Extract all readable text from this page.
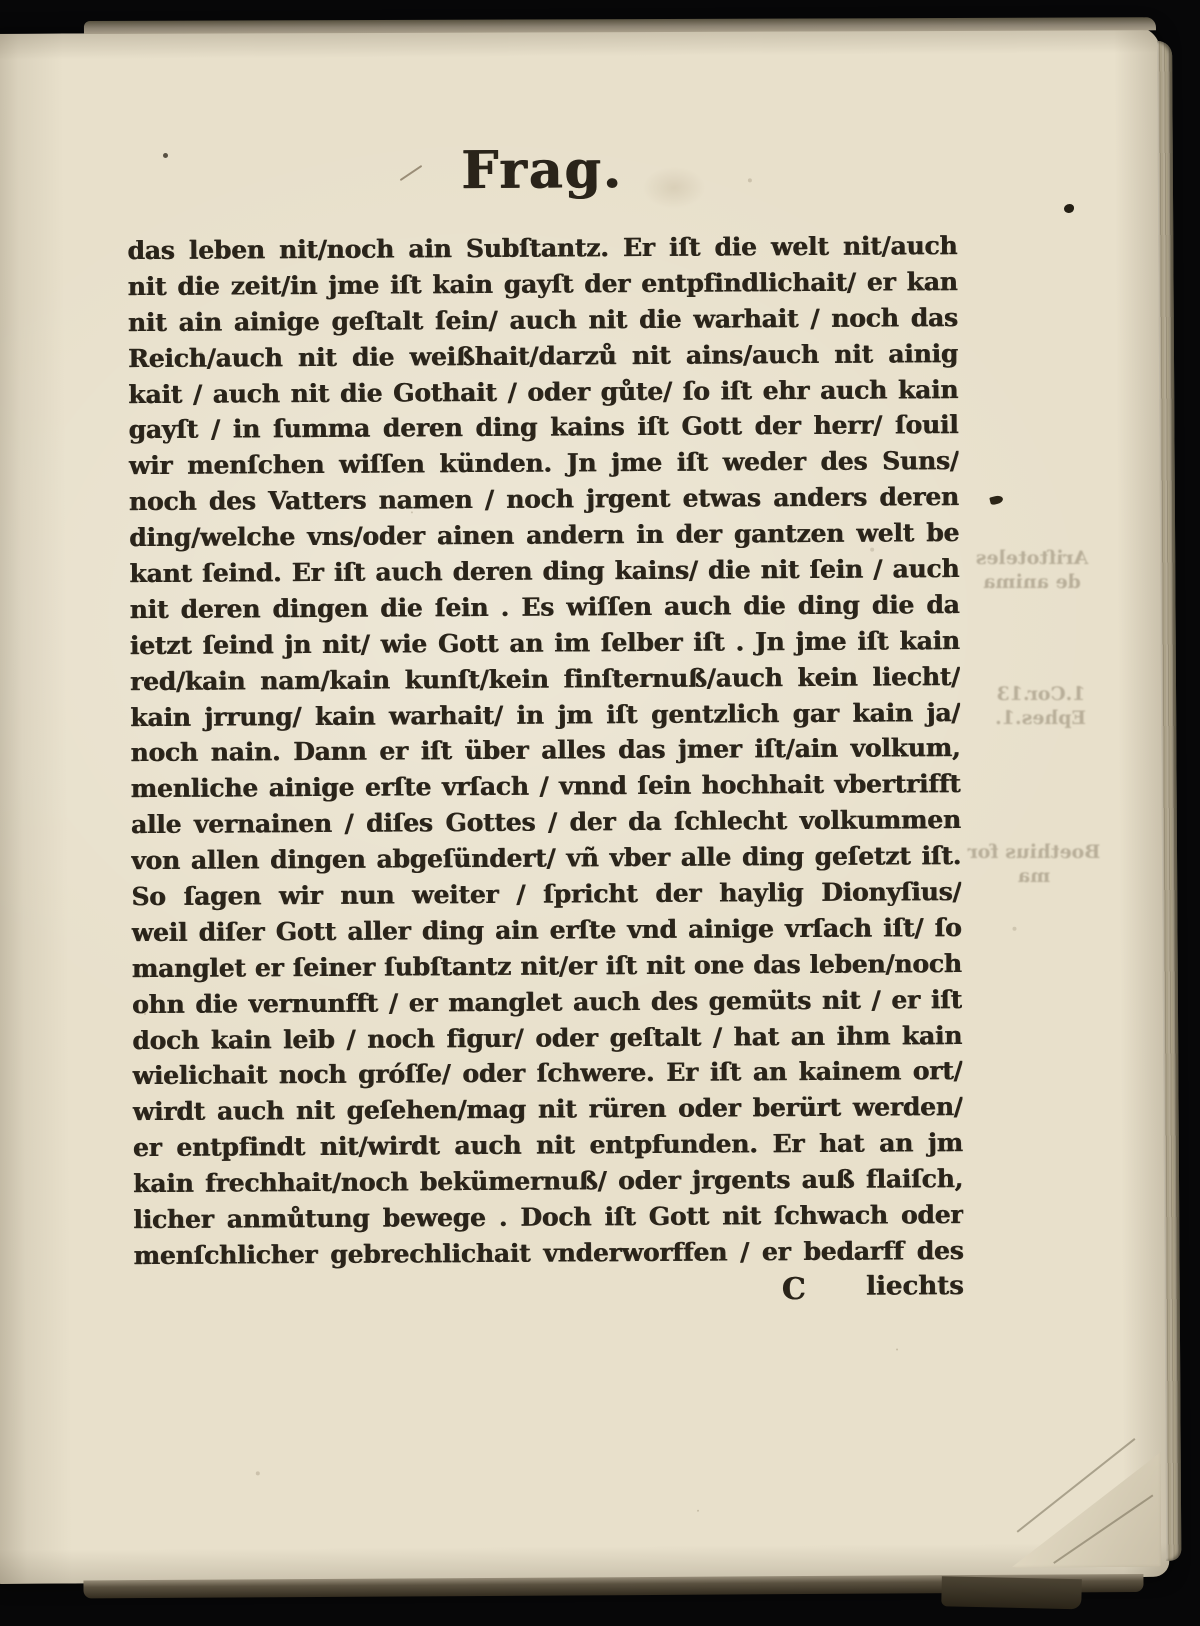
Frag.
das leben nit/noch ain Subſtantz. Er iſt die welt nit/auch
nit die zeit/in jme iſt kain gayſt der entpfindlichait/ er kan
nit ain ainige geſtalt ſein/ auch nit die warhait / noch das
Reich/auch nit die weißhait/darzů nit ains/auch nit ainig
kait / auch nit die Gothait / oder gůte/ ſo iſt ehr auch kain
gayſt / in ſumma deren ding kains iſt Gott der herr/ ſouil
wir menſchen wiſſen künden. Jn jme iſt weder des Suns/
noch des Vatters namen / noch jrgent etwas anders deren
ding/welche vns/oder ainen andern in der gantzen welt be
kant ſeind. Er iſt auch deren ding kains/ die nit ſein / auch
nit deren dingen die ſein . Es wiſſen auch die ding die da
ietzt ſeind jn nit/ wie Gott an im ſelber iſt . Jn jme iſt kain
red/kain nam/kain kunſt/kein finſternuß/auch kein liecht/
kain jrrung/ kain warhait/ in jm iſt gentzlich gar kain ja/
noch nain. Dann er iſt über alles das jmer iſt/ain volkum,
menliche ainige erſte vrſach / vnnd ſein hochhait vbertrifft
alle vernainen / diſes Gottes / der da ſchlecht volkummen
von allen dingen abgeſündert/ vñ vber alle ding geſetzt iſt.
So ſagen wir nun weiter / ſpricht der haylig Dionyſius/
weil diſer Gott aller ding ain erſte vnd ainige vrſach iſt/ ſo
manglet er ſeiner ſubſtantz nit/er iſt nit one das leben/noch
ohn die vernunfft / er manglet auch des gemüts nit / er iſt
doch kain leib / noch figur/ oder geſtalt / hat an ihm kain
wielichait noch gróſſe/ oder ſchwere. Er iſt an kainem ort/
wirdt auch nit geſehen/mag nit rüren oder berürt werden/
er entpfindt nit/wirdt auch nit entpfunden. Er hat an jm
kain frechhait/noch bekümernuß/ oder jrgents auß flaiſch,
licher anmůtung bewege . Doch iſt Gott nit ſchwach oder
menſchlicher gebrechlichait vnderworffen / er bedarff des
C liechts
Ariſtoteles
de anima
1.Cor.13
Ephes.1.
Boethius for
ma
